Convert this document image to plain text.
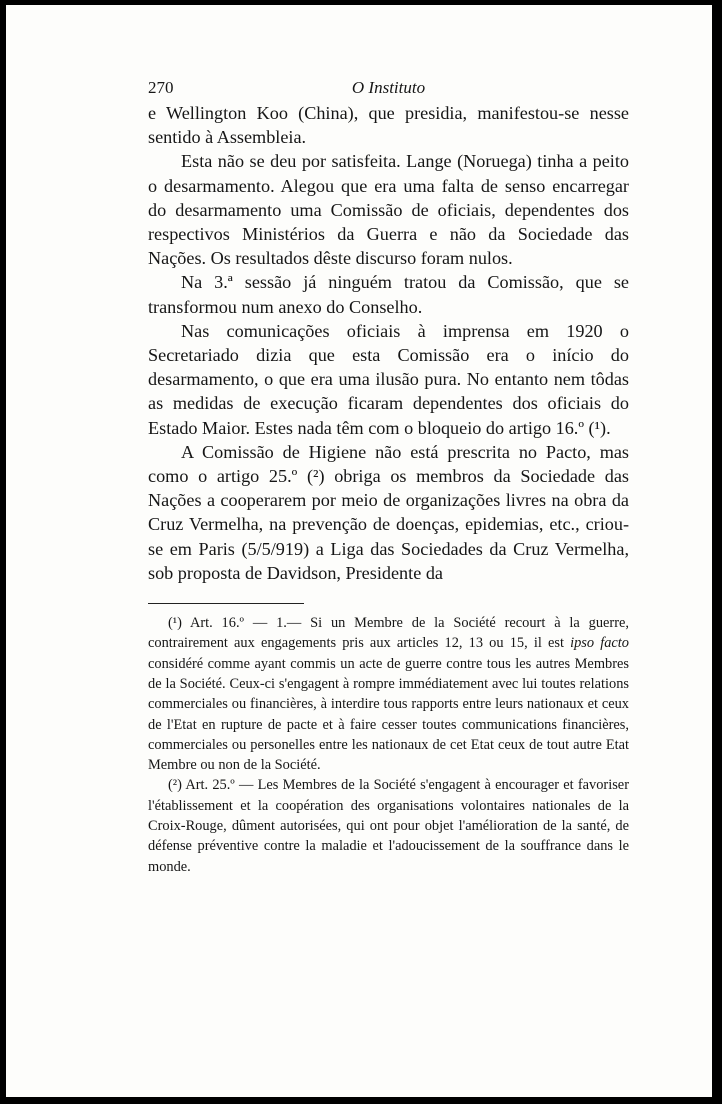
270	O Instituto

e Wellington Koo (China), que presidia, manifestou-se nesse sentido à Assembleia.

Esta não se deu por satisfeita. Lange (Noruega) tinha a peito o desarmamento. Alegou que era uma falta de senso encarregar do desarmamento uma Comissão de oficiais, dependentes dos respectivos Ministérios da Guerra e não da Sociedade das Nações. Os resultados dêste discurso foram nulos.

Na 3.ª sessão já ninguém tratou da Comissão, que se transformou num anexo do Conselho.

Nas comunicações oficiais à imprensa em 1920 o Secretariado dizia que esta Comissão era o início do desarmamento, o que era uma ilusão pura. No entanto nem tôdas as medidas de execução ficaram dependentes dos oficiais do Estado Maior. Estes nada têm com o bloqueio do artigo 16.º (¹).

A Comissão de Higiene não está prescrita no Pacto, mas como o artigo 25.º (²) obriga os membros da Sociedade das Nações a cooperarem por meio de organizações livres na obra da Cruz Vermelha, na prevenção de doenças, epidemias, etc., criou-se em Paris (5/5/919) a Liga das Sociedades da Cruz Vermelha, sob proposta de Davidson, Presidente da

(¹) Art. 16.º — 1.— Si un Membre de la Société recourt à la guerre, contrairement aux engagements pris aux articles 12, 13 ou 15, il est ipso facto considéré comme ayant commis un acte de guerre contre tous les autres Membres de la Société. Ceux-ci s'engagent à rompre immédiatement avec lui toutes relations commerciales ou financières, à interdire tous rapports entre leurs nationaux et ceux de l'Etat en rupture de pacte et à faire cesser toutes communications financières, commerciales ou personelles entre les nationaux de cet Etat ceux de tout autre Etat Membre ou non de la Société.

(²) Art. 25.º — Les Membres de la Société s'engagent à encourager et favoriser l'établissement et la coopération des organisations volontaires nationales de la Croix-Rouge, dûment autorisées, qui ont pour objet l'amélioration de la santé, de défense préventive contre la maladie et l'adoucissement de la souffrance dans le monde.
